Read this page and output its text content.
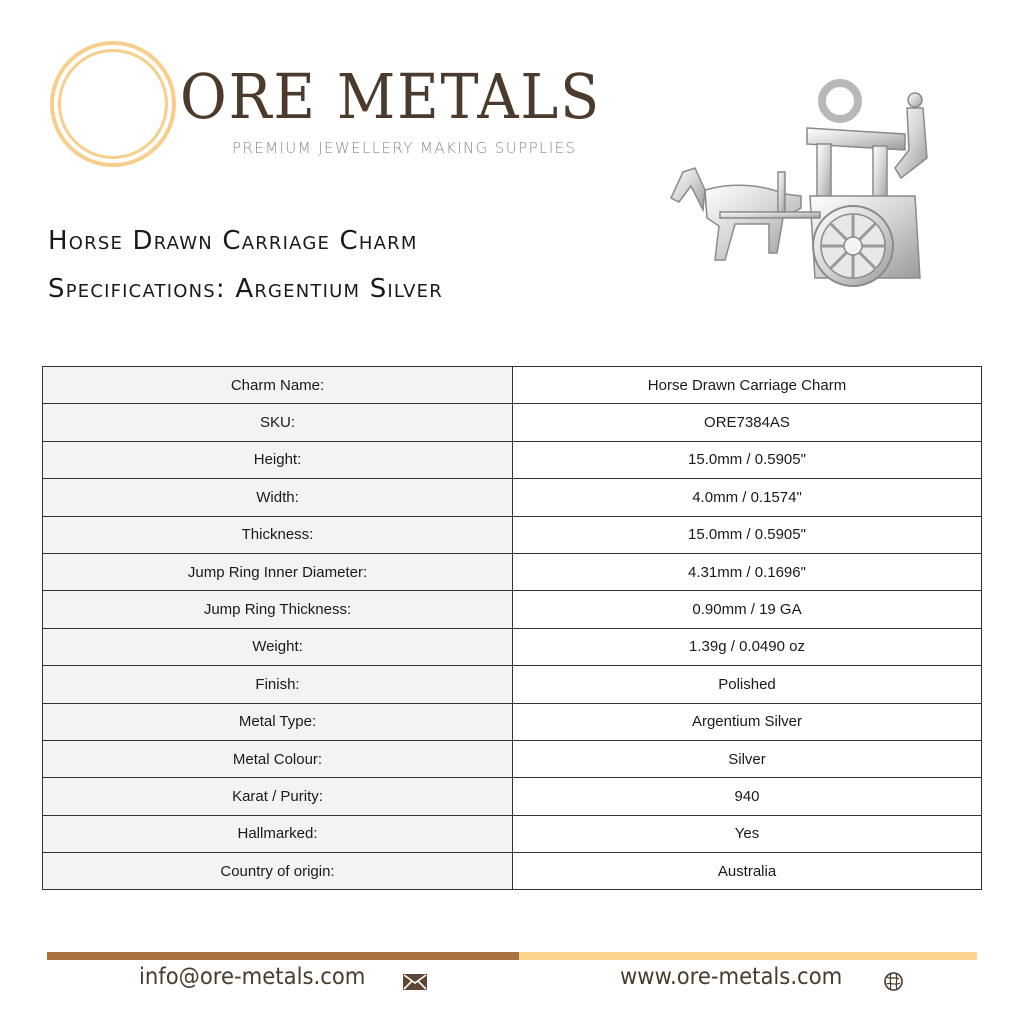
ORE METALS
PREMIUM JEWELLERY MAKING SUPPLIES
Horse Drawn Carriage Charm
Specifications: Argentium Silver
Charm Name:	Horse Drawn Carriage Charm
SKU:	ORE7384AS
Height:	15.0mm / 0.5905"
Width:	4.0mm / 0.1574"
Thickness:	15.0mm / 0.5905"
Jump Ring Inner Diameter:	4.31mm / 0.1696"
Jump Ring Thickness:	0.90mm / 19 GA
Weight:	1.39g / 0.0490 oz
Finish:	Polished
Metal Type:	Argentium Silver
Metal Colour:	Silver
Karat / Purity:	940
Hallmarked:	Yes
Country of origin:	Australia
info@ore-metals.com	www.ore-metals.com
